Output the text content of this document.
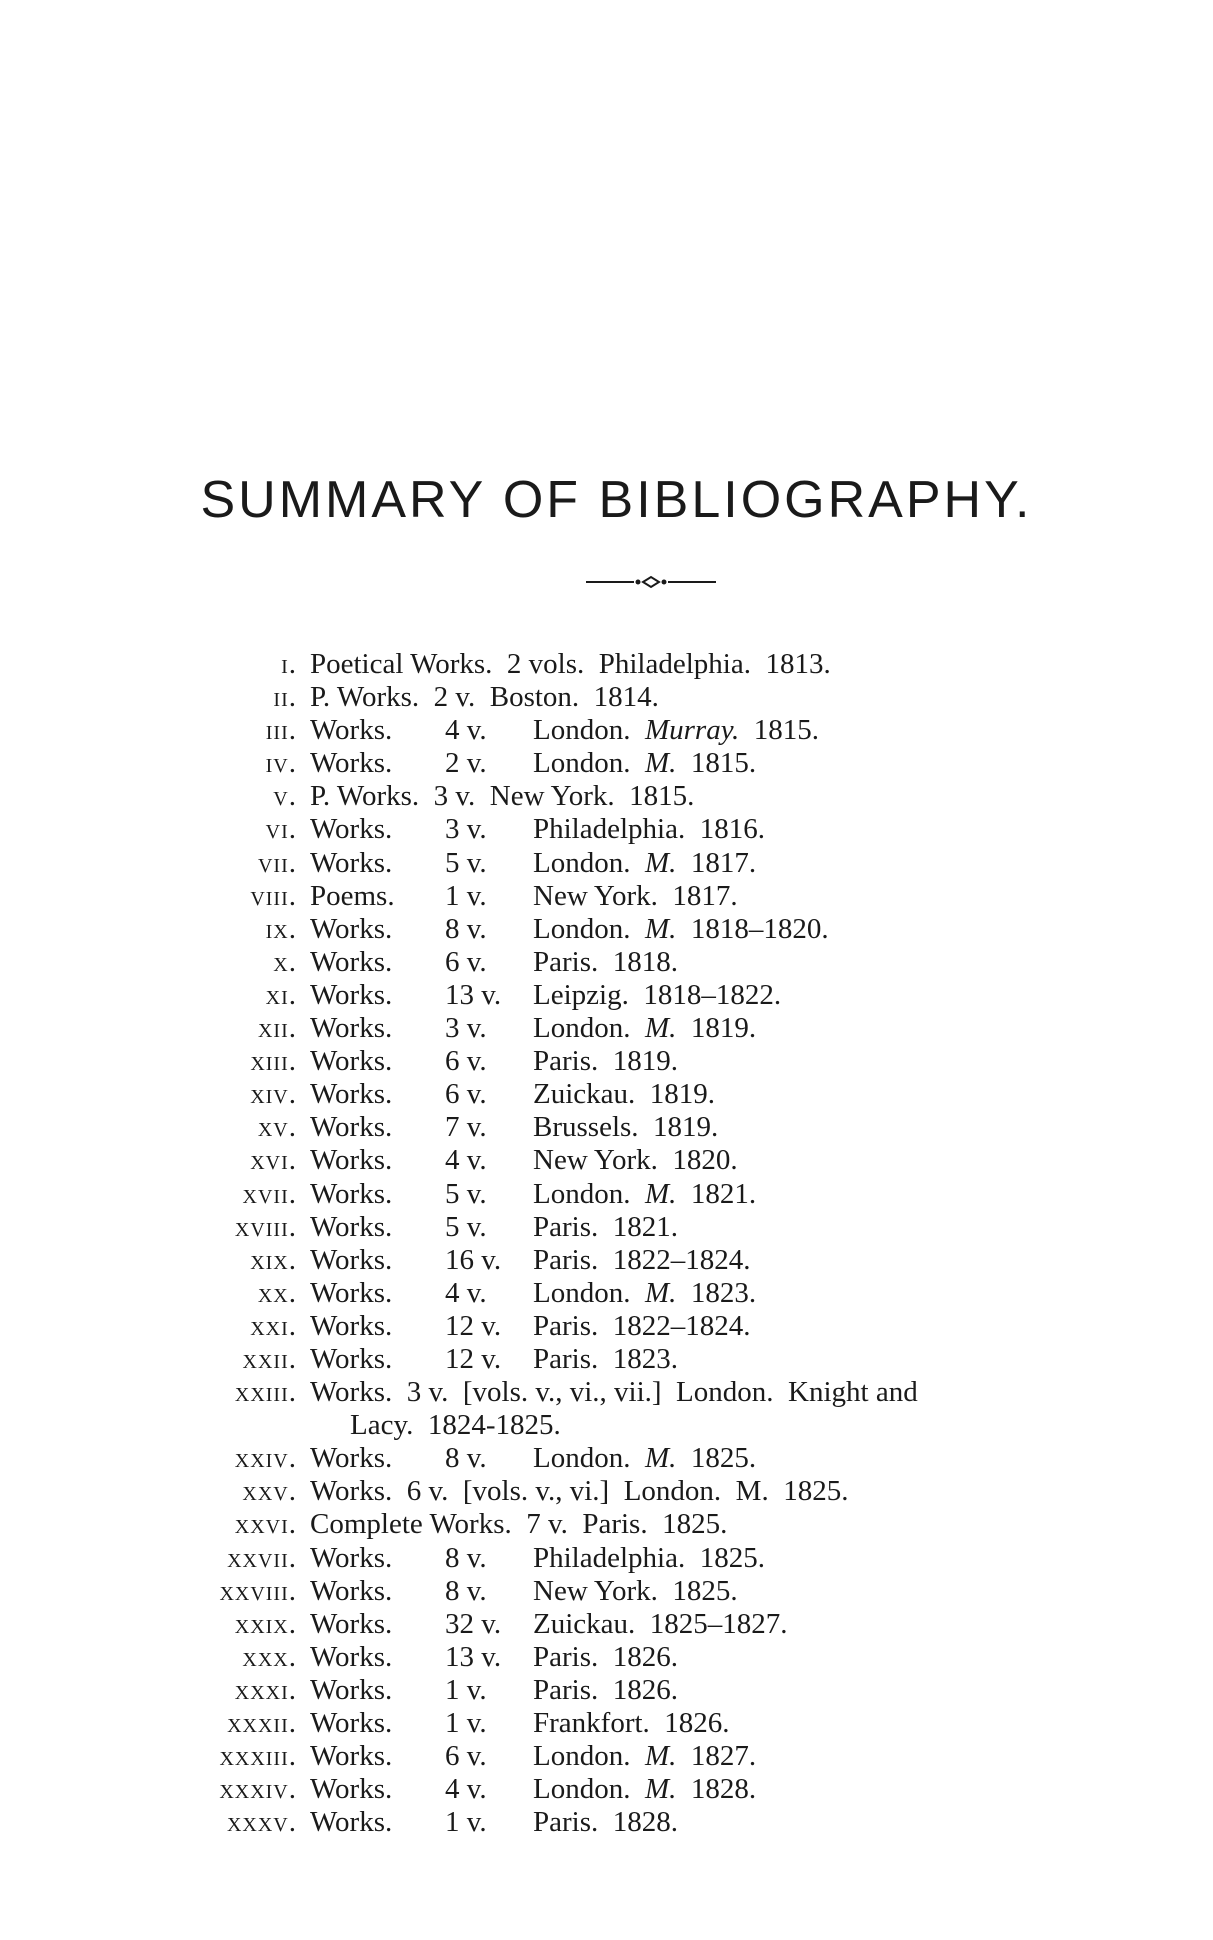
SUMMARY OF BIBLIOGRAPHY.
i. Poetical Works.  2 vols.  Philadelphia.  1813.
ii. P. Works.  2 v.  Boston.  1814.
iii. Works. 4 v. London. Murray. 1815.
iv. Works. 2 v. London. M. 1815.
v. P. Works.  3 v.  New York.  1815.
vi. Works. 3 v. Philadelphia. 1816.
vii. Works. 5 v. London. M. 1817.
viii. Poems. 1 v. New York. 1817.
ix. Works. 8 v. London. M. 1818–1820.
x. Works. 6 v. Paris. 1818.
xi. Works. 13 v. Leipzig. 1818–1822.
xii. Works. 3 v. London. M. 1819.
xiii. Works. 6 v. Paris. 1819.
xiv. Works. 6 v. Zuickau. 1819.
xv. Works. 7 v. Brussels. 1819.
xvi. Works. 4 v. New York. 1820.
xvii. Works. 5 v. London. M. 1821.
xviii. Works. 5 v. Paris. 1821.
xix. Works. 16 v. Paris. 1822–1824.
xx. Works. 4 v. London. M. 1823.
xxi. Works. 12 v. Paris. 1822–1824.
xxii. Works. 12 v. Paris. 1823.
xxiii. Works.  3 v.  [vols. v., vi., vii.]  London.  Knight and
Lacy.  1824-1825.
xxiv. Works. 8 v. London. M. 1825.
xxv. Works.  6 v.  [vols. v., vi.]  London.  M.  1825.
xxvi. Complete Works.  7 v.  Paris.  1825.
xxvii. Works. 8 v. Philadelphia. 1825.
xxviii. Works. 8 v. New York. 1825.
xxix. Works. 32 v. Zuickau. 1825–1827.
xxx. Works. 13 v. Paris. 1826.
xxxi. Works. 1 v. Paris. 1826.
xxxii. Works. 1 v. Frankfort. 1826.
xxxiii. Works. 6 v. London. M. 1827.
xxxiv. Works. 4 v. London. M. 1828.
xxxv. Works. 1 v. Paris. 1828.
